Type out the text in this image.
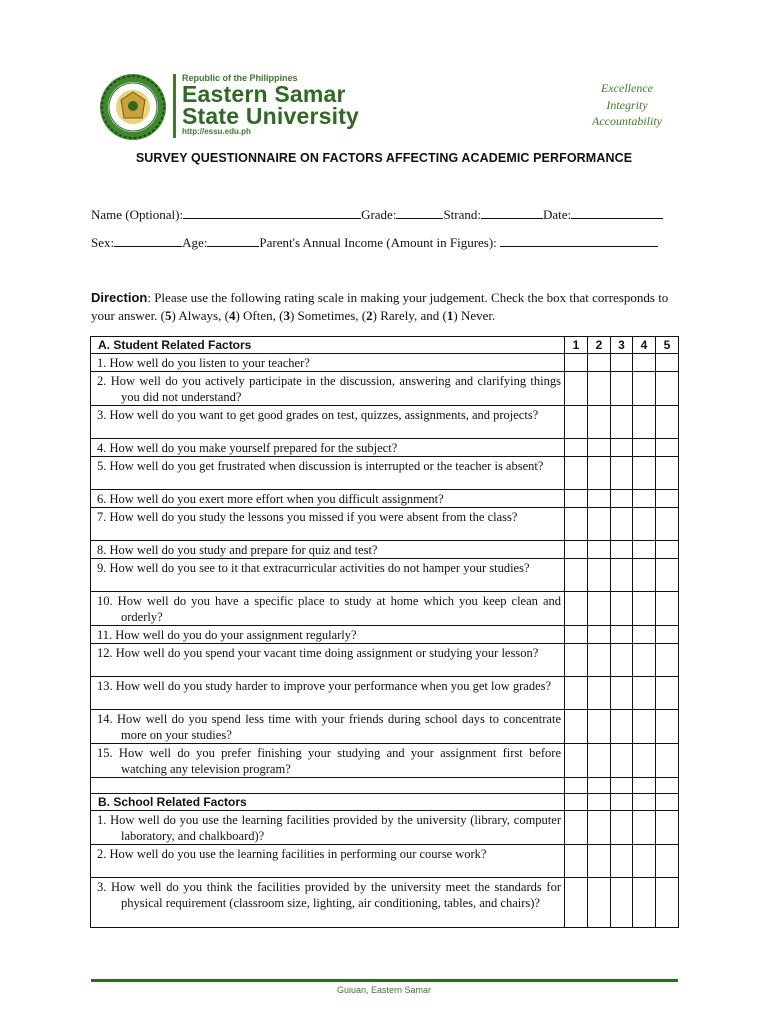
Republic of the Philippines
Eastern Samar
State University
http://essu.edu.ph
Excellence
Integrity
Accountability
SURVEY QUESTIONNAIRE ON FACTORS AFFECTING ACADEMIC PERFORMANCE
Name (Optional):	Grade:	Strand:	Date:
Sex:	Age:	Parent's Annual Income (Amount in Figures):
Direction: Please use the following rating scale in making your judgement. Check the box that corresponds to your answer. (5) Always, (4) Often, (3) Sometimes, (2) Rarely, and (1) Never.
A. Student Related Factors	1	2	3	4	5

1. How well do you listen to your teacher?					

2. How well do you actively participate in the discussion, answering and clarifying things you did not understand?					

3. How well do you want to get good grades on test, quizzes, assignments, and projects?					

4. How well do you make yourself prepared for the subject?					

5. How well do you get frustrated when discussion is interrupted or the teacher is absent?					

6. How well do you exert more effort when you difficult assignment?					

7. How well do you study the lessons you missed if you were absent from the class?					

8. How well do you study and prepare for quiz and test?					

9. How well do you see to it that extracurricular activities do not hamper your studies?					

10. How well do you have a specific place to study at home which you keep clean and orderly?					

11. How well do you do your assignment regularly?					

12. How well do you spend your vacant time doing assignment or studying your lesson?					

13. How well do you study harder to improve your performance when you get low grades?					

14. How well do you spend less time with your friends during school days to concentrate more on your studies?					

15. How well do you prefer finishing your studying and your assignment first before watching any television program?					

B. School Related Factors					

1. How well do you use the learning facilities provided by the university (library, computer laboratory, and chalkboard)?					

2. How well do you use the learning facilities in performing our course work?					

3. How well do you think the facilities provided by the university meet the standards for physical requirement (classroom size, lighting, air conditioning, tables, and chairs)?					

Guiuan, Eastern Samar
